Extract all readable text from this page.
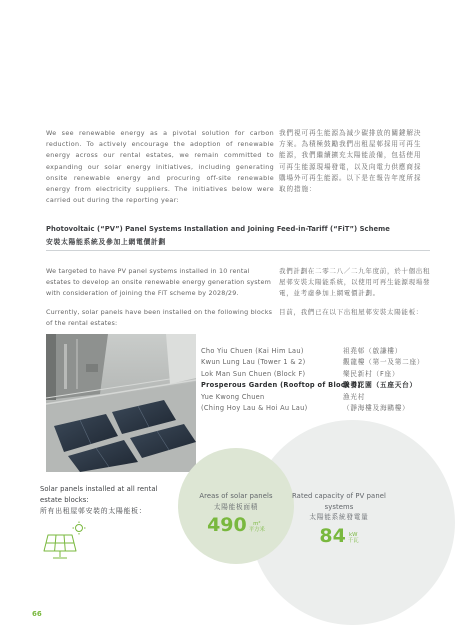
We see renewable energy as a pivotal solution for carbon reduction. To actively encourage the adoption of renewable energy across our rental estates, we remain committed to expanding our solar energy initiatives, including generating onsite renewable energy and procuring off-site renewable energy from electricity suppliers. The initiatives below were carried out during the reporting year:

我們視可再生能源為減少碳排放的關鍵解決方案。為積極鼓勵我們出租屋邨採用可再生能源，我們繼續擴充太陽能設備，包括使用可再生能源現場發電，以及向電力供應商採購場外可再生能源。以下是在報告年度所採取的措施：

Photovoltaic (“PV”) Panel Systems Installation and Joining Feed-in-Tariff (“FiT”) Scheme

安裝太陽能系統及參加上網電價計劃

We targeted to have PV panel systems installed in 10 rental estates to develop an onsite renewable energy generation system with consideration of joining the FiT scheme by 2028/29.

我們計劃在二零二八／二九年度前，於十個出租屋邨安裝太陽能系統，以使用可再生能源現場發電，並考慮參加上網電價計劃。

Currently, solar panels have been installed on the following blocks of the rental estates:

目前，我們已在以下出租屋邨安裝太陽能板：

Cho Yiu Chuen (Kai Him Lau)
Kwun Lung Lau (Tower 1 & 2)
Lok Man Sun Chuen (Block F)
Prosperous Garden (Rooftop of Block 5)
Yue Kwong Chuen
(Ching Hoy Lau & Hoi Au Lau)
祖堯邨（啟謙樓）
觀龍樓（第一及第二座）
樂民新村（F座）
駿發花園（五座天台）
漁光村
（靜海樓及海鷗樓）

Solar panels installed at all rental estate blocks:
所有出租屋邨安裝的太陽能板：

Areas of solar panels

太陽能板面積

490	m²
平方米

Rated capacity of PV panel systems

太陽能系統發電量

84 kW
千瓦

66
